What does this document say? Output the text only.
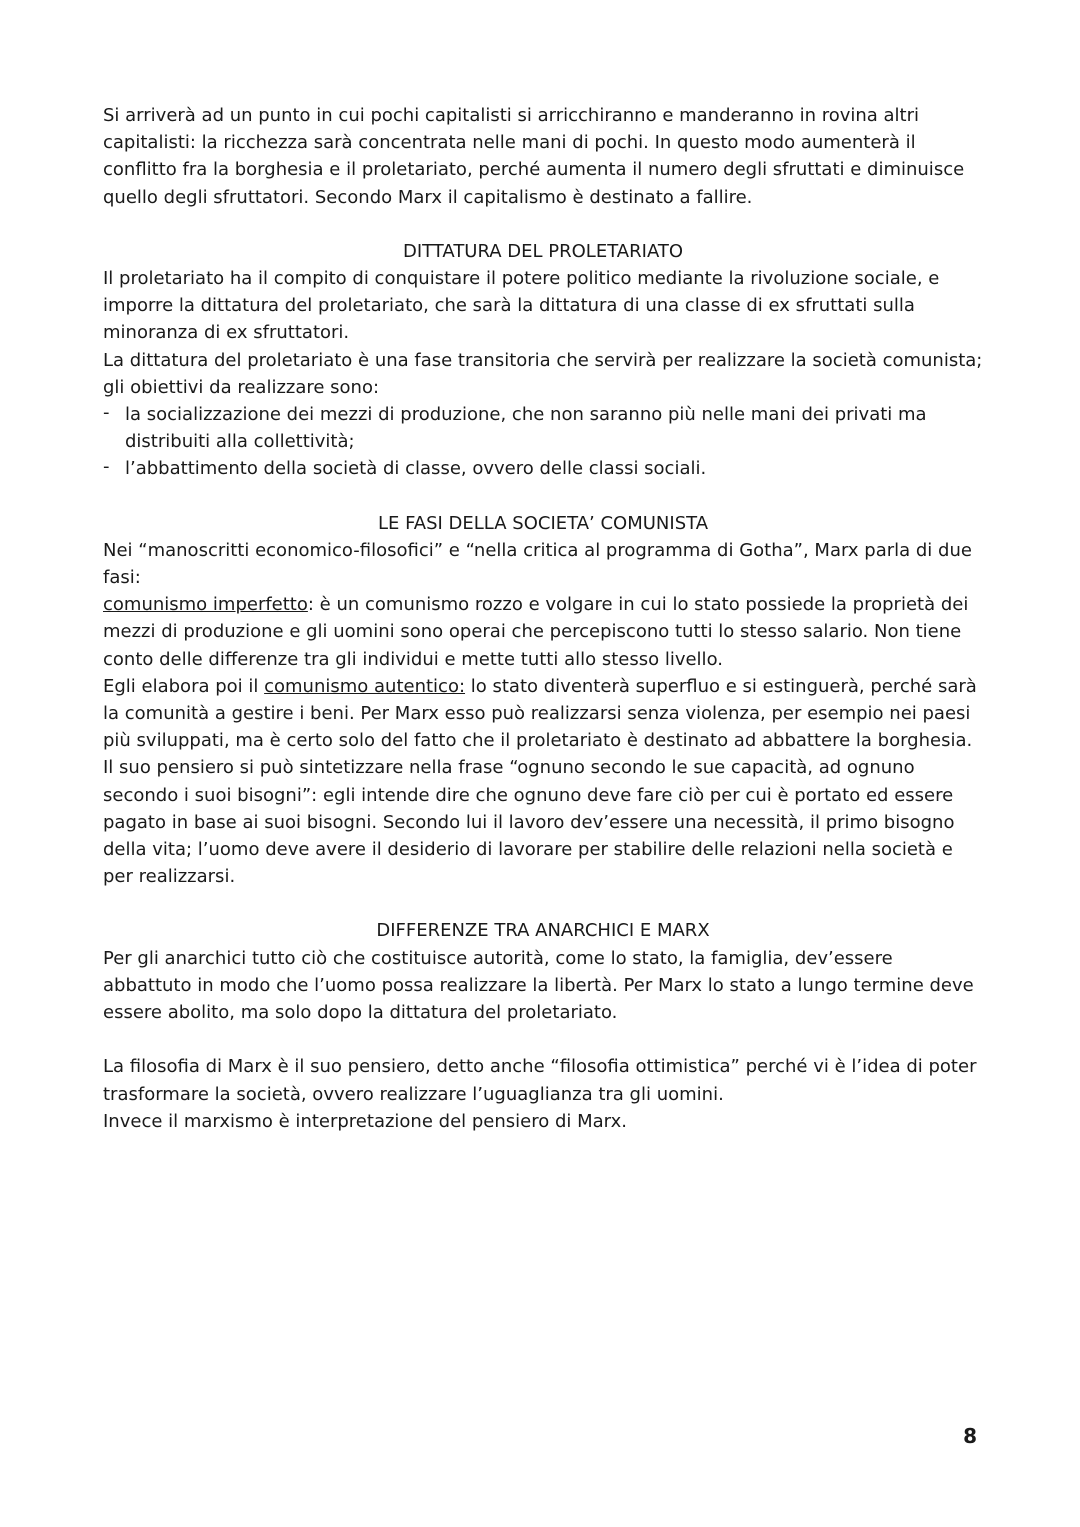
Si arriverà ad un punto in cui pochi capitalisti si arricchiranno e manderanno in rovina altri capitalisti: la ricchezza sarà concentrata nelle mani di pochi. In questo modo aumenterà il conflitto fra la borghesia e il proletariato, perché aumenta il numero degli sfruttati e diminuisce quello degli sfruttatori. Secondo Marx il capitalismo è destinato a fallire.

DITTATURA DEL PROLETARIATO

Il proletariato ha il compito di conquistare il potere politico mediante la rivoluzione sociale, e imporre la dittatura del proletariato, che sarà la dittatura di una classe di ex sfruttati sulla minoranza di ex sfruttatori.

La dittatura del proletariato è una fase transitoria che servirà per realizzare la società comunista; gli obiettivi da realizzare sono:

- la socializzazione dei mezzi di produzione, che non saranno più nelle mani dei privati ma distribuiti alla collettività;
- l’abbattimento della società di classe, ovvero delle classi sociali.

LE FASI DELLA SOCIETA’ COMUNISTA

Nei “manoscritti economico-filosofici” e “nella critica al programma di Gotha”, Marx parla di due fasi:

comunismo imperfetto: è un comunismo rozzo e volgare in cui lo stato possiede la proprietà dei mezzi di produzione e gli uomini sono operai che percepiscono tutti lo stesso salario. Non tiene conto delle differenze tra gli individui e mette tutti allo stesso livello.

Egli elabora poi il comunismo autentico: lo stato diventerà superfluo e si estinguerà, perché sarà la comunità a gestire i beni. Per Marx esso può realizzarsi senza violenza, per esempio nei paesi più sviluppati, ma è certo solo del fatto che il proletariato è destinato ad abbattere la borghesia. Il suo pensiero si può sintetizzare nella frase “ognuno secondo le sue capacità, ad ognuno secondo i suoi bisogni”: egli intende dire che ognuno deve fare ciò per cui è portato ed essere pagato in base ai suoi bisogni. Secondo lui il lavoro dev’essere una necessità, il primo bisogno della vita; l’uomo deve avere il desiderio di lavorare per stabilire delle relazioni nella società e per realizzarsi.

DIFFERENZE TRA ANARCHICI E MARX

Per gli anarchici tutto ciò che costituisce autorità, come lo stato, la famiglia, dev’essere abbattuto in modo che l’uomo possa realizzare la libertà. Per Marx lo stato a lungo termine deve essere abolito, ma solo dopo la dittatura del proletariato.

La filosofia di Marx è il suo pensiero, detto anche “filosofia ottimistica” perché vi è l’idea di poter trasformare la società, ovvero realizzare l’uguaglianza tra gli uomini.

Invece il marxismo è interpretazione del pensiero di Marx.

8
